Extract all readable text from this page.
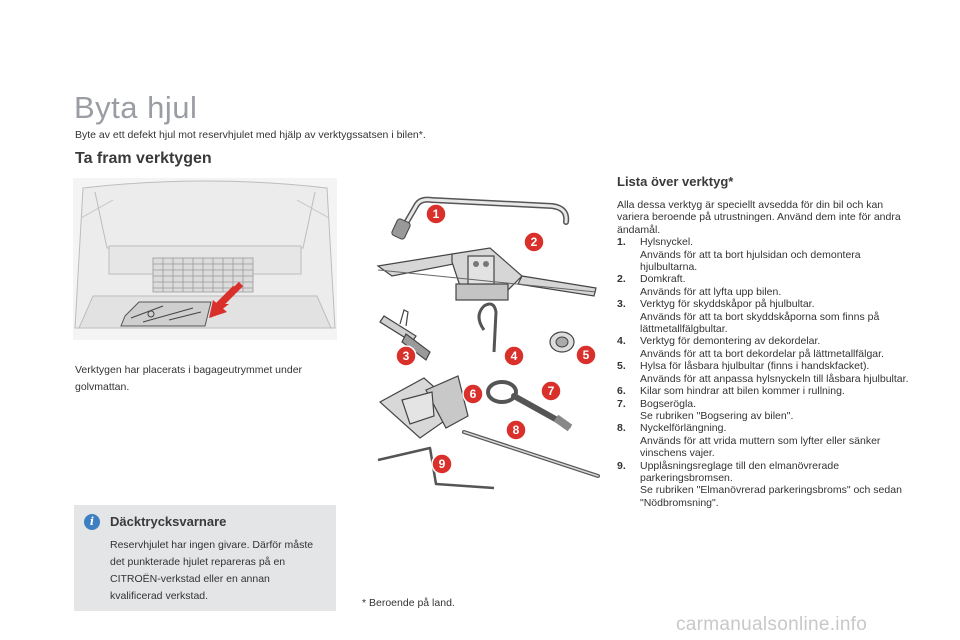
Byta hjul

Byte av ett defekt hjul mot reservhjulet med hjälp av verktygssatsen i bilen*.

Ta fram verktygen

Verktygen har placerats i bagageutrymmet under golvmattan.

1
2
3	4	5
6	7
8
9
Lista över verktyg*

Alla dessa verktyg är speciellt avsedda för din bil och kan variera beroende på utrustningen. Använd dem inte för andra ändamål.

1.	Hylsnyckel.
Används för att ta bort hjulsidan och demontera hjulbultarna.
2.	Domkraft.
Används för att lyfta upp bilen.
3.	Verktyg för skyddskåpor på hjulbultar.
Används för att ta bort skyddskåporna som finns på lättmetallfälgbultar.
4.	Verktyg för demontering av dekordelar.
Används för att ta bort dekordelar på lättmetallfälgar.
5.	Hylsa för låsbara hjulbultar (finns i handskfacket).
Används för att anpassa hylsnyckeln till låsbara hjulbultar.
6.	Kilar som hindrar att bilen kommer i rullning.
7.	Bogserögla.
Se rubriken "Bogsering av bilen".
8.	Nyckelförlängning.
Används för att vrida muttern som lyfter eller sänker vinschens vajer.
9.	Upplåsningsreglage till den elmanövrerade parkeringsbromsen.
Se rubriken "Elmanövrerad parkeringsbroms" och sedan "Nödbromsning".
i	Däcktrycksvarnare

Reservhjulet har ingen givare. Därför måste det punkterade hjulet repareras på en CITROËN-verkstad eller en annan kvalificerad verkstad.

* Beroende på land.

carmanualsonline.info
